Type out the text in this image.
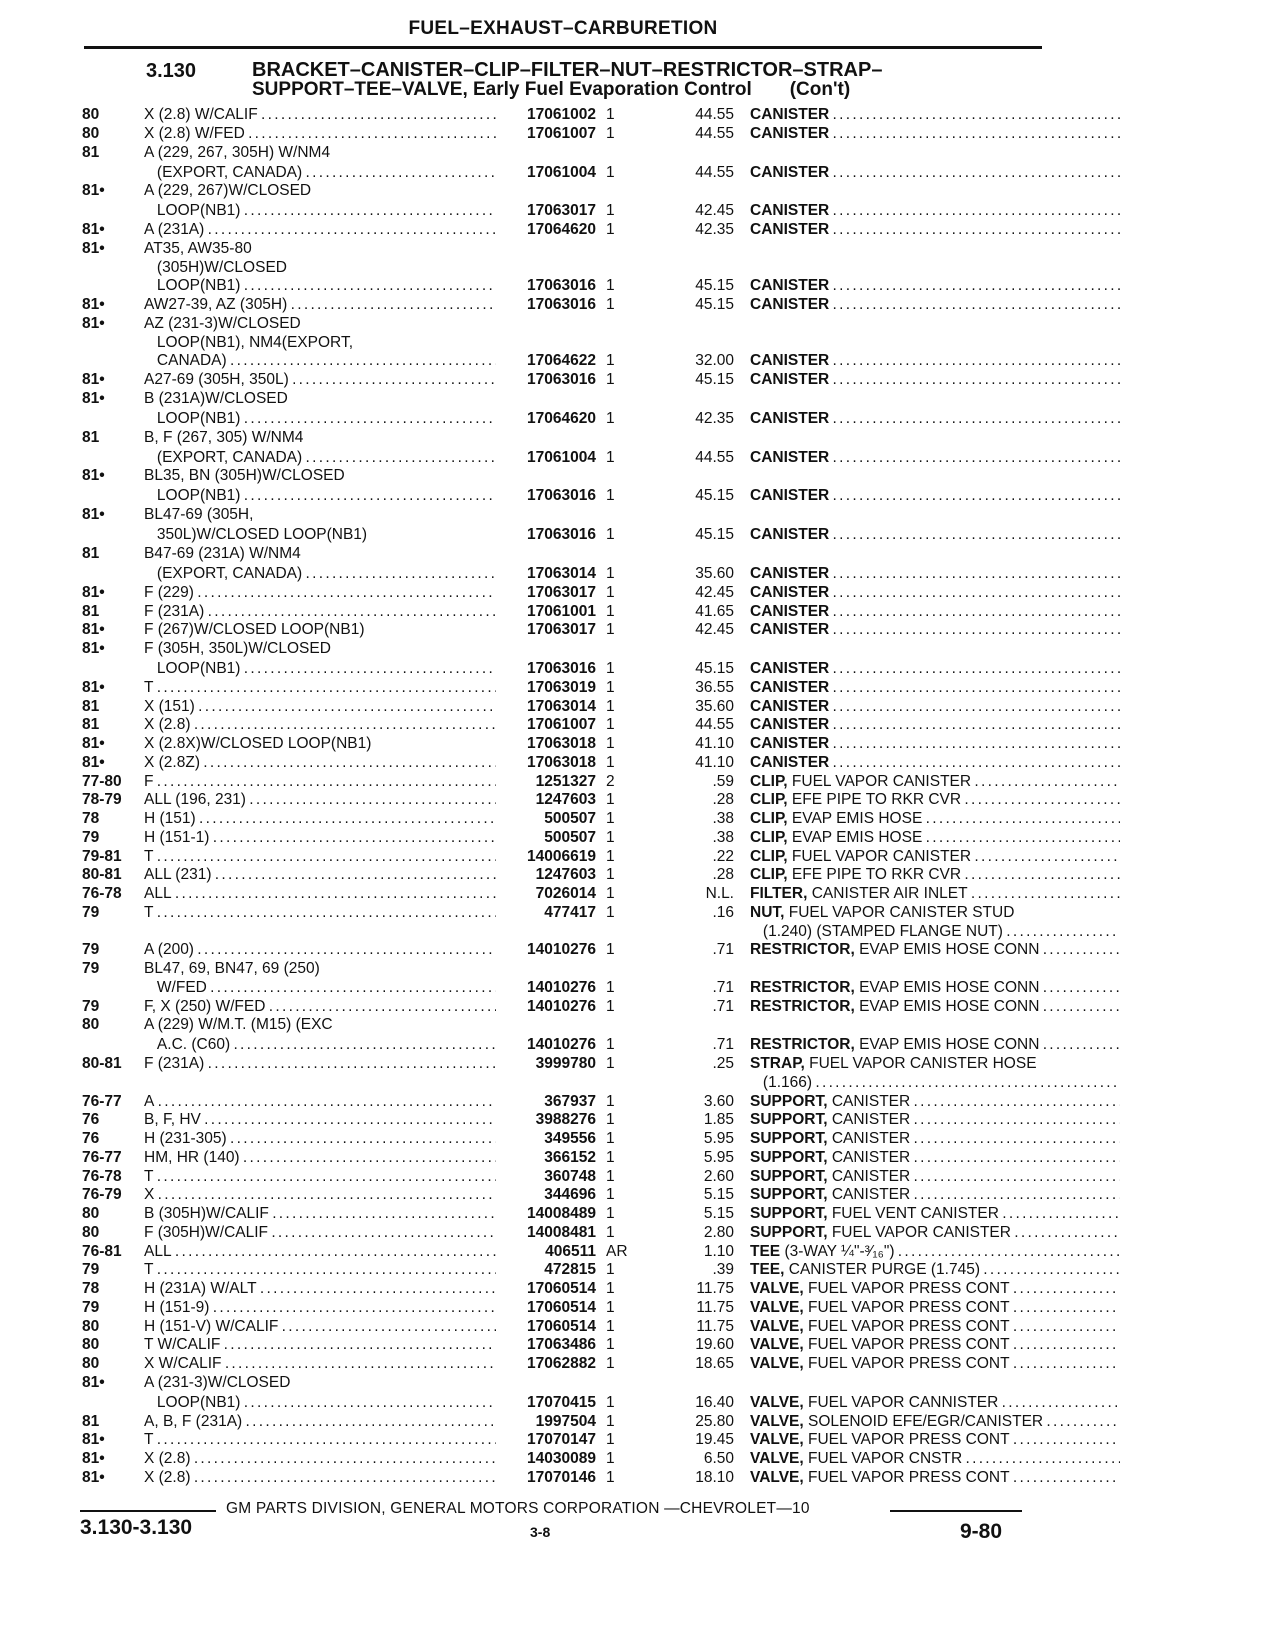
FUEL–EXHAUST–CARBURETION
3.130	BRACKET–CANISTER–CLIP–FILTER–NUT–RESTRICTOR–STRAP–
SUPPORT–TEE–VALVE, Early Fuel Evaporation Control (Con't)
80	X (2.8) W/CALIF . . .	17061002 1	44.55 CANISTER . . .
80	X (2.8) W/FED . . .	17061007 1	44.55 CANISTER . . .
81	A (229, 267, 305H) W/NM4
(EXPORT, CANADA) . . .	17061004 1	44.55 CANISTER . . .
81•	A (229, 267)W/CLOSED
LOOP(NB1) . . .	17063017 1	42.45 CANISTER . . .
81•	A (231A) . . .	17064620 1	42.35 CANISTER . . .
81•	AT35, AW35-80
(305H)W/CLOSED
LOOP(NB1) . . .	17063016 1	45.15 CANISTER . . .
81•	AW27-39, AZ (305H) . . .	17063016 1	45.15 CANISTER . . .
81•	AZ (231-3)W/CLOSED
LOOP(NB1), NM4(EXPORT,
CANADA) . . .	17064622 1	32.00 CANISTER . . .
81•	A27-69 (305H, 350L) . . .	17063016 1	45.15 CANISTER . . .
81•	B (231A)W/CLOSED
LOOP(NB1) . . .	17064620 1	42.35 CANISTER . . .
81	B, F (267, 305) W/NM4
(EXPORT, CANADA) . . .	17061004 1	44.55 CANISTER . . .
81•	BL35, BN (305H)W/CLOSED
LOOP(NB1) . . .	17063016 1	45.15 CANISTER . . .
81•	BL47-69 (305H,
350L)W/CLOSED LOOP(NB1)	17063016 1	45.15 CANISTER . . .
81	B47-69 (231A) W/NM4
(EXPORT, CANADA) . . .	17063014 1	35.60 CANISTER . . .
81•	F (229) . . .	17063017 1	42.45 CANISTER . . .
81	F (231A) . . .	17061001 1	41.65 CANISTER . . .
81•	F (267)W/CLOSED LOOP(NB1)	17063017 1	42.45 CANISTER . . .
81•	F (305H, 350L)W/CLOSED
LOOP(NB1) . . .	17063016 1	45.15 CANISTER . . .
81•	T . . .	17063019 1	36.55 CANISTER . . .
81	X (151) . . .	17063014 1	35.60 CANISTER . . .
81	X (2.8) . . .	17061007 1	44.55 CANISTER . . .
81•	X (2.8X)W/CLOSED LOOP(NB1)	17063018 1	41.10 CANISTER . . .
81•	X (2.8Z) . . .	17063018 1	41.10 CANISTER . . .
77-80 F . . .	1251327 2	.59 CLIP, FUEL VAPOR CANISTER . . .
78-79 ALL (196, 231) . . .	1247603 1	.28 CLIP, EFE PIPE TO RKR CVR . . .
78	H (151) . . .	500507 1	.38 CLIP, EVAP EMIS HOSE . . .
79	H (151-1) . . .	500507 1	.38 CLIP, EVAP EMIS HOSE . . .
79-81 T . . .	14006619 1	.22 CLIP, FUEL VAPOR CANISTER . . .
80-81 ALL (231) . . .	1247603 1	.28 CLIP, EFE PIPE TO RKR CVR . . .
76-78 ALL . . .	7026014 1	N.L. FILTER, CANISTER AIR INLET . . .
79	T . . .	477417 1	.16 NUT, FUEL VAPOR CANISTER STUD
(1.240) (STAMPED FLANGE NUT) . . .
79	A (200) . . .	14010276 1	.71 RESTRICTOR, EVAP EMIS HOSE CONN . . .
79	BL47, 69, BN47, 69 (250)
W/FED . . .	14010276 1	.71 RESTRICTOR, EVAP EMIS HOSE CONN . . .
79	F, X (250) W/FED . . .	14010276 1	.71 RESTRICTOR, EVAP EMIS HOSE CONN . . .
80	A (229) W/M.T. (M15) (EXC
A.C. (C60) . . .	14010276 1	.71 RESTRICTOR, EVAP EMIS HOSE CONN . . .
80-81 F (231A) . . .	3999780 1	.25 STRAP, FUEL VAPOR CANISTER HOSE
(1.166) . . .
76-77 A . . .	367937 1	3.60 SUPPORT, CANISTER . . .
76	B, F, HV . . .	3988276 1	1.85 SUPPORT, CANISTER . . .
76	H (231-305) . . .	349556 1	5.95 SUPPORT, CANISTER . . .
76-77 HM, HR (140) . . .	366152 1	5.95 SUPPORT, CANISTER . . .
76-78 T . . .	360748 1	2.60 SUPPORT, CANISTER . . .
76-79 X . . .	344696 1	5.15 SUPPORT, CANISTER . . .
80	B (305H)W/CALIF . . .	14008489 1	5.15 SUPPORT, FUEL VENT CANISTER . . .
80	F (305H)W/CALIF . . .	14008481 1	2.80 SUPPORT, FUEL VAPOR CANISTER . . .
76-81 ALL . . .	406511 AR	1.10 TEE (3-WAY ¼"-³⁄₁₆") . . .
79	T . . .	472815 1	.39 TEE, CANISTER PURGE (1.745) . . .
78	H (231A) W/ALT . . .	17060514 1	11.75 VALVE, FUEL VAPOR PRESS CONT . . .
79	H (151-9) . . .	17060514 1	11.75 VALVE, FUEL VAPOR PRESS CONT . . .
80	H (151-V) W/CALIF . . .	17060514 1	11.75 VALVE, FUEL VAPOR PRESS CONT . . .
80	T W/CALIF . . .	17063486 1	19.60 VALVE, FUEL VAPOR PRESS CONT . . .
80	X W/CALIF . . .	17062882 1	18.65 VALVE, FUEL VAPOR PRESS CONT . . .
81•	A (231-3)W/CLOSED
LOOP(NB1) . . .	17070415 1	16.40 VALVE, FUEL VAPOR CANNISTER . . .
81	A, B, F (231A) . . .	1997504 1	25.80 VALVE, SOLENOID EFE/EGR/CANISTER . . .
81•	T . . .	17070147 1	19.45 VALVE, FUEL VAPOR PRESS CONT . . .
81•	X (2.8) . . .	14030089 1	6.50 VALVE, FUEL VAPOR CNSTR . . .
81•	X (2.8) . . .	17070146 1	18.10 VALVE, FUEL VAPOR PRESS CONT . . .
GM PARTS DIVISION, GENERAL MOTORS CORPORATION —CHEVROLET—10
3.130-3.130	3-8	9-80
